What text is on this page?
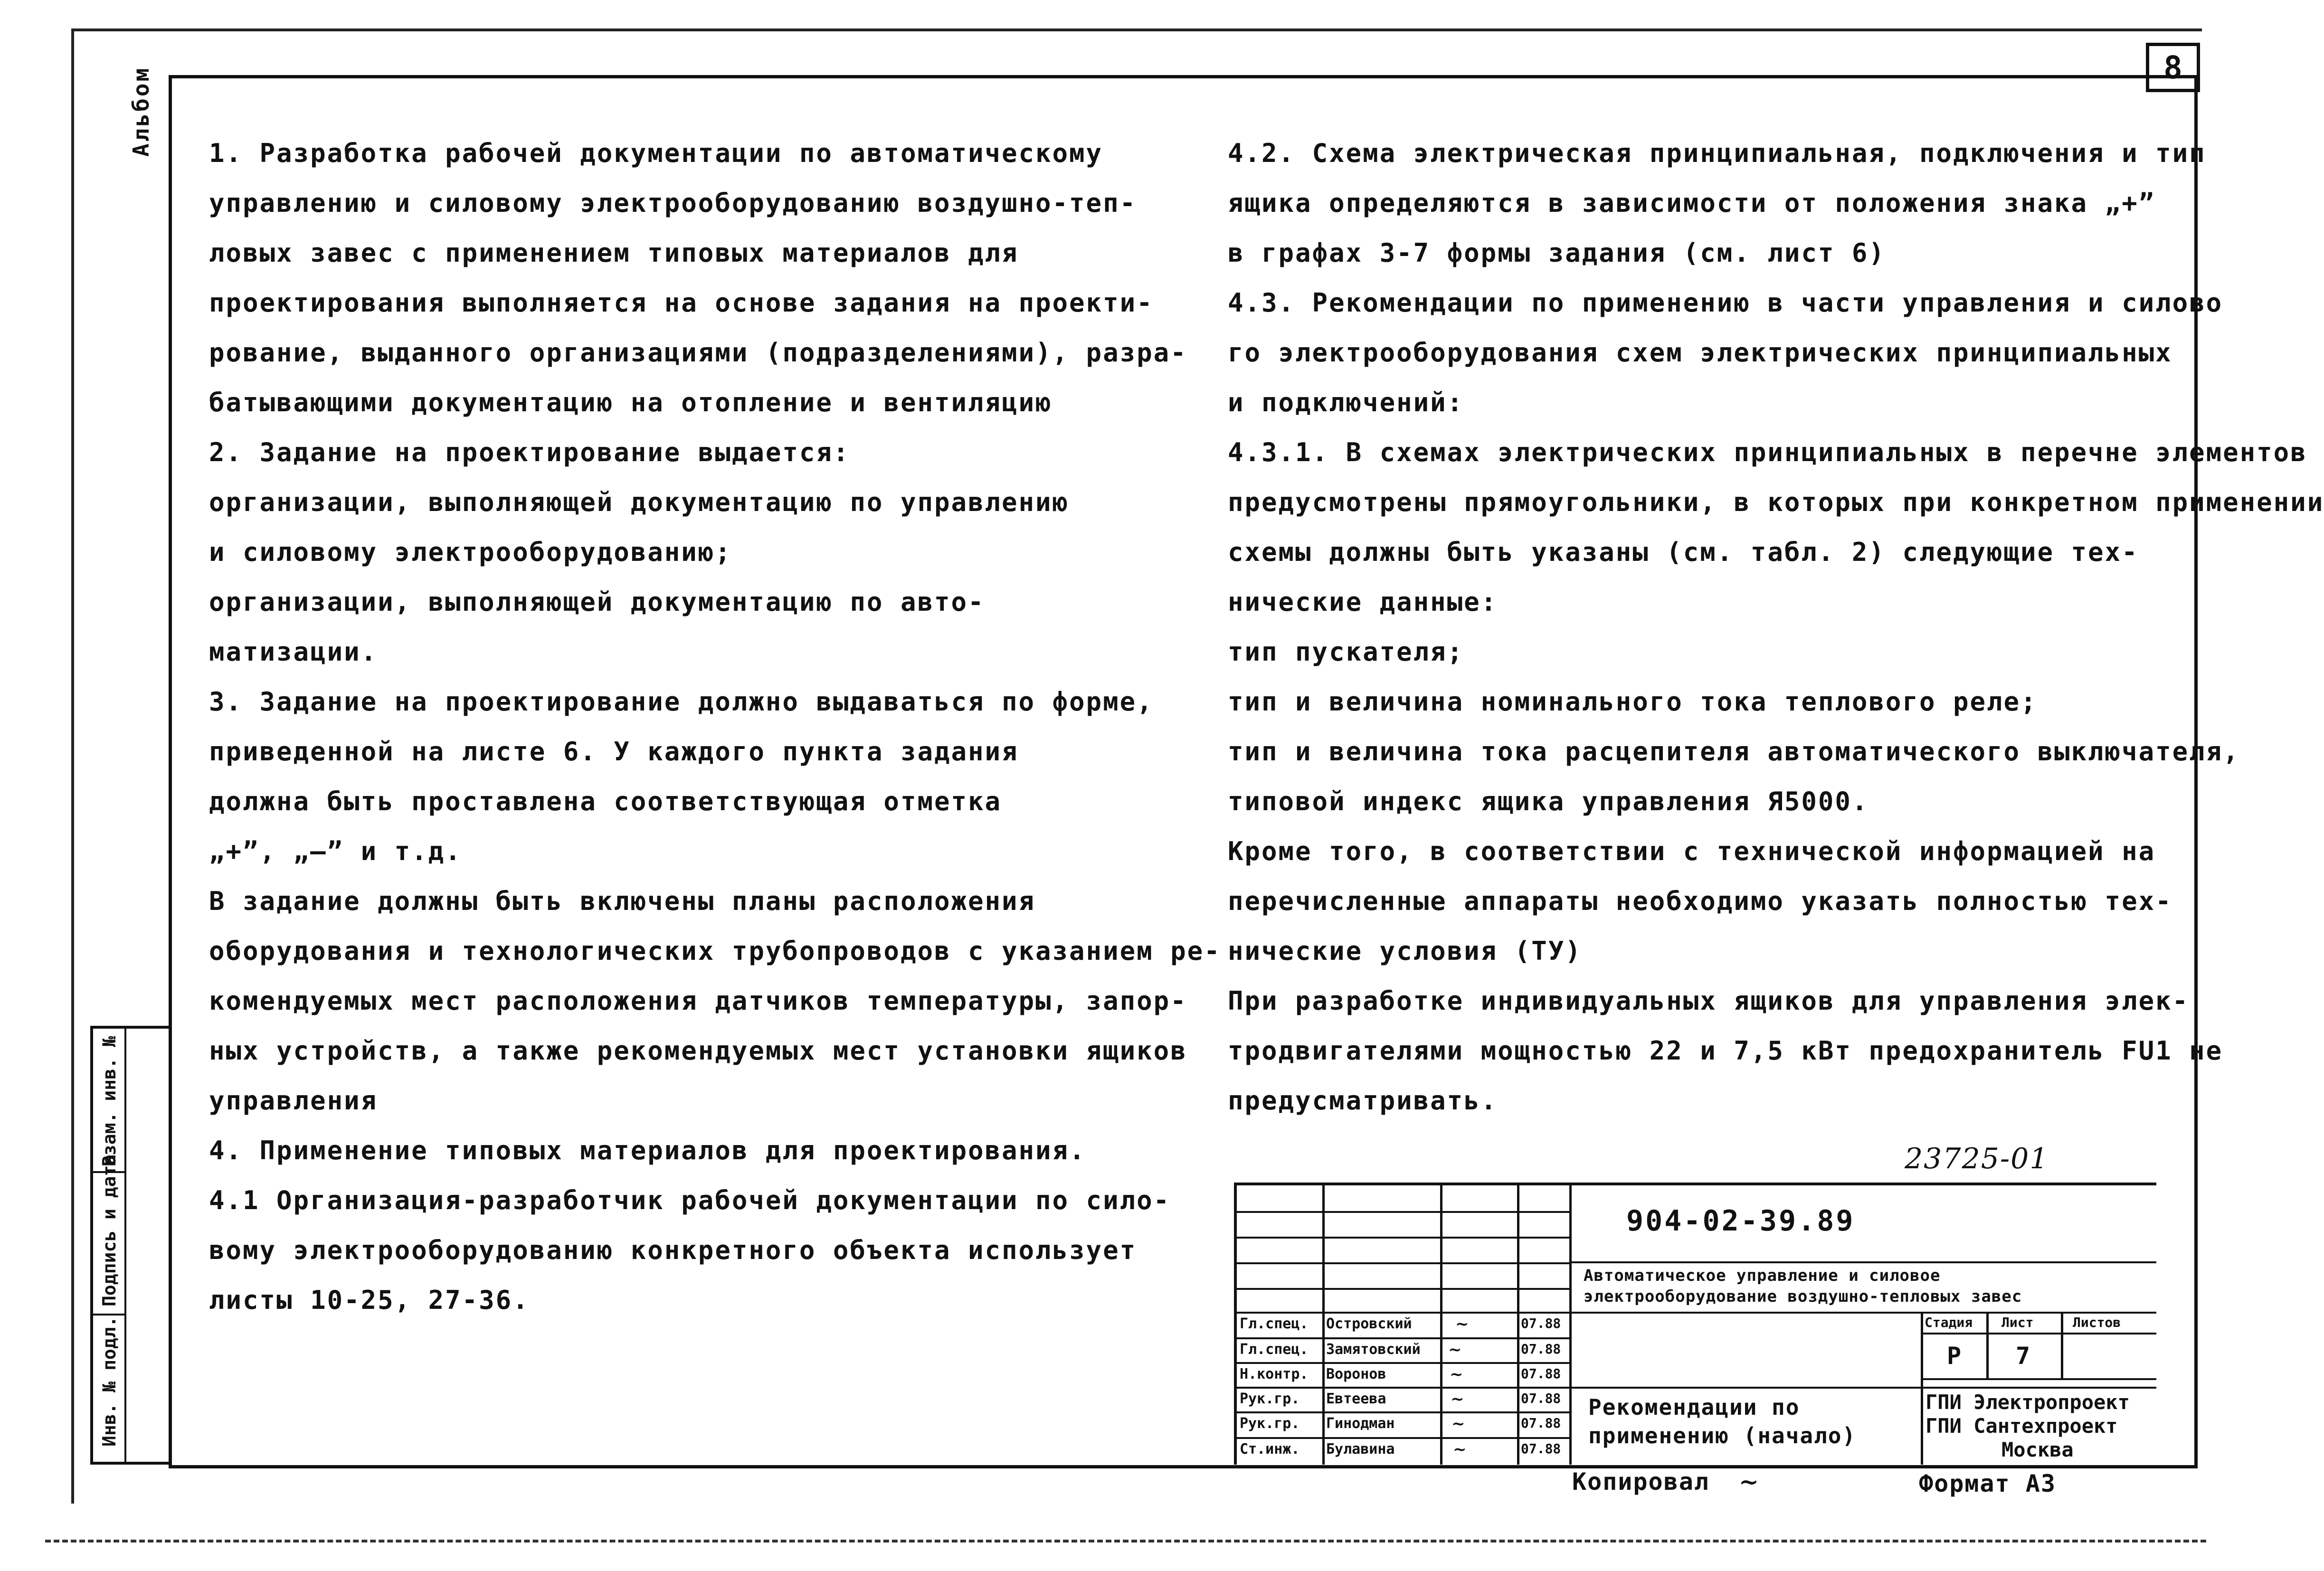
8
Альбом
Инв. № подл.
Подпись и дата
Взам. инв. №
1. Разработка рабочей документации по автоматическому
управлению и силовому электрооборудованию воздушно-теп-
ловых завес с применением типовых материалов для
проектирования выполняется на основе задания на проекти-
рование, выданного организациями (подразделениями), разра-
батывающими документацию на отопление и вентиляцию
2. Задание на проектирование выдается:
организации, выполняющей документацию по управлению
и силовому электрооборудованию;
организации, выполняющей документацию по авто-
матизации.
3. Задание на проектирование должно выдаваться по форме,
приведенной на листе 6. У каждого пункта задания
должна быть проставлена соответствующая отметка
„+”, „–” и т.д.
В задание должны быть включены планы расположения
оборудования и технологических трубопроводов с указанием ре-
комендуемых мест расположения датчиков температуры, запор-
ных устройств, а также рекомендуемых мест установки ящиков
управления
4. Применение типовых материалов для проектирования.
4.1 Организация-разработчик рабочей документации по сило-
вому электрооборудованию конкретного объекта использует
листы 10-25, 27-36.
4.2. Схема электрическая принципиальная, подключения и тип
ящика определяются в зависимости от положения знака „+”
в графах 3-7 формы задания (см. лист 6)
4.3. Рекомендации по применению в части управления и силово
го электрооборудования схем электрических принципиальных
и подключений:
4.3.1. В схемах электрических принципиальных в перечне элементов
предусмотрены прямоугольники, в которых при конкретном применении
схемы должны быть указаны (см. табл. 2) следующие тех-
нические данные:
тип пускателя;
тип и величина номинального тока теплового реле;
тип и величина тока расцепителя автоматического выключателя,
типовой индекс ящика управления Я5000.
Кроме того, в соответствии с технической информацией на
перечисленные аппараты необходимо указать полностью тех-
нические условия (ТУ)
При разработке индивидуальных ящиков для управления элек-
тродвигателями мощностью 22 и 7,5 кВт предохранитель FU1 не
предусматривать.
23725-01
904-02-39.89
Автоматическое управление и силовое
электрооборудование воздушно-тепловых завес
Стадия Лист	Листов
Р 7
Рекомендации по
применению (начало)
ГПИ Электропроект
ГПИ Сантехпроект
Москва
Гл.спец. Островский	~	07.88
Гл.спец. Замятовский ~	07.88
Н.контр. Воронов	~	07.88
Рук.гр. Евтеева	~	07.88
Рук.гр. Гинодман	~	07.88
Ст.инж. Булавина	~	07.88
Копировал ~	Формат А3
